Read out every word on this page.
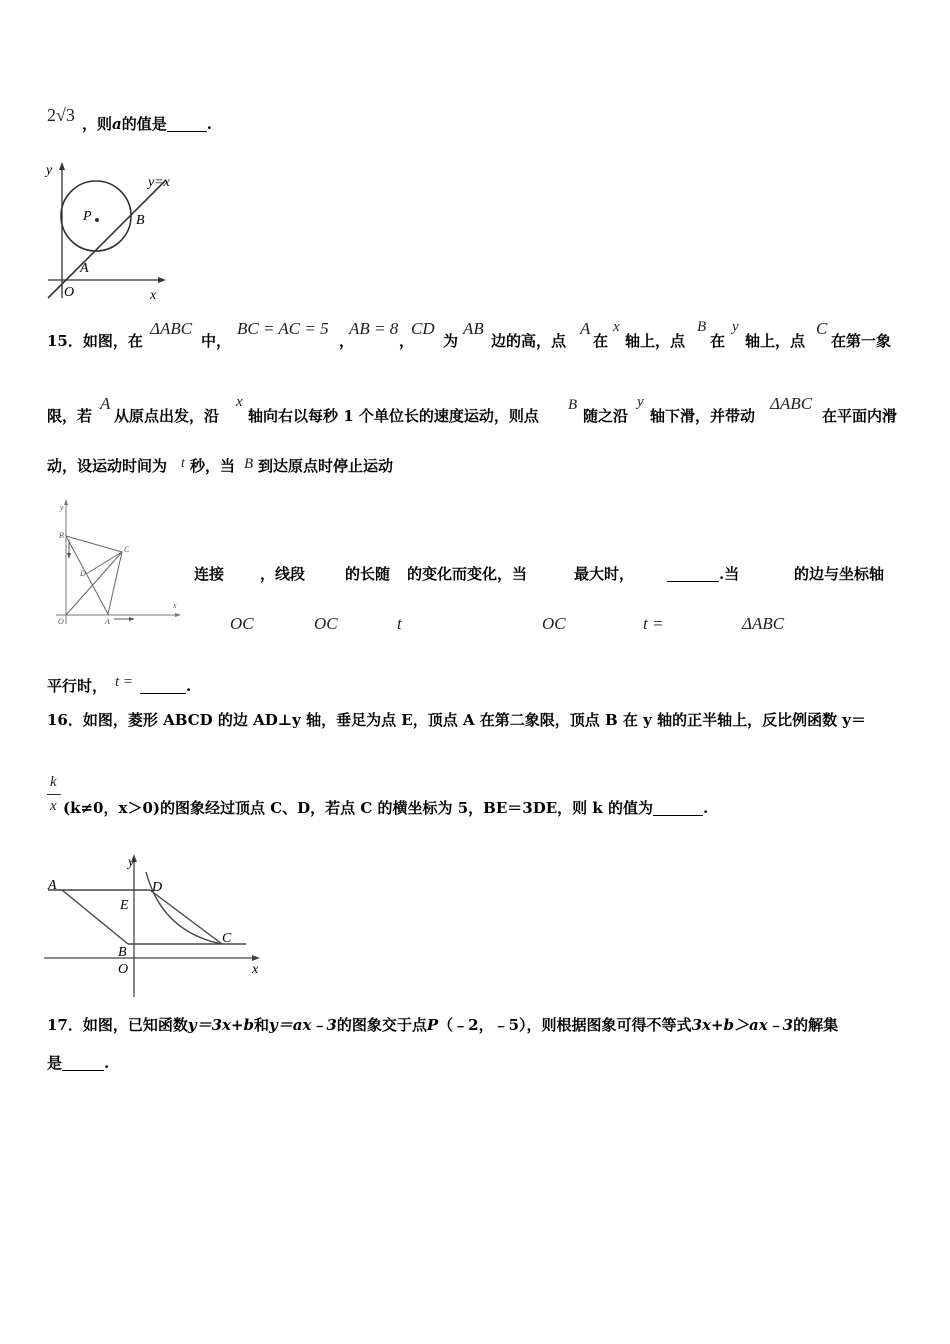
2√3 ，则a的值是	.
y
y=x
P	B
A
O	x
15．如图，在
ΔABC
中，
BC = AC = 5
，
AB = 8
，
CD
为
AB
边的高，点
A
在
x
轴上，点
B
在
y
轴上，点
C
在第一象
限，若
A
从原点出发，沿
x
轴向右以每秒 1 个单位长的速度运动，则点
B
随之沿
y
轴下滑，并带动
ΔABC
在平面内滑
动，设运动时间为 t 秒，当 B 到达原点时停止运动
y
B
C
D
O	A
x
连接 ，线段	的长随 的变化而变化，当	最大时，	.当	的边与坐标轴
OC	OC	t	OC	t =	ΔABC
平行时， t =	.
16．如图，菱形 ABCD 的边 AD⊥y 轴，垂足为点 E，顶点 A 在第二象限，顶点 B 在 y 轴的正半轴上，反比例函数 y＝
k
x (k≠0，x＞0)的图象经过顶点 C、D，若点 C 的横坐标为 5，BE＝3DE，则 k 的值为	.
y
A	D
E
C
B
O	x
17．如图，已知函数y＝3x+b和y＝ax﹣3的图象交于点P（﹣2，﹣5），则根据图象可得不等式3x+b＞ax﹣3的解集
是	.
